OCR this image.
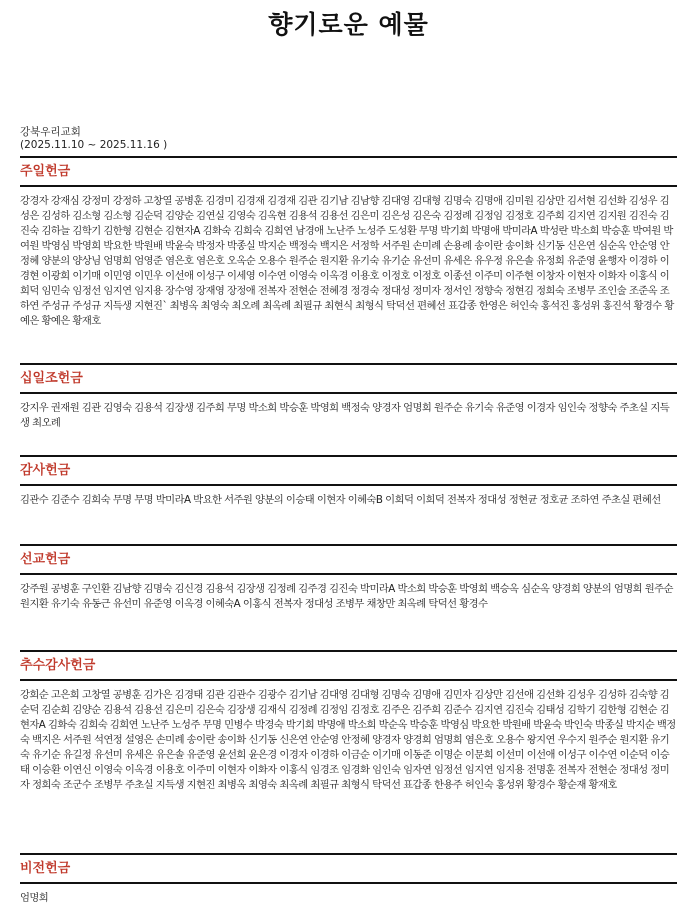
향기로운 예물
강북우리교회
(2025.11.10 ~ 2025.11.16 )
주일헌금
강경자 강재심 강정미 강정하 고창열 공병훈 김경미 김경재 김경재 김관 김기남 김남향 김대영 김대형 김명숙 김명애 김미원 김상만 김서현 김선화 김성우 김성은 김성하 김소형 김소형 김순덕 김양순 김연실 김영숙 김옥현 김용석 김용선 김은미 김은성 김은숙 김정례 김정임 김정호 김주희 김지연 김지원 김진숙 김진숙 김하늘 김학기 김한형 김현순 김현자A 김화숙 김희숙 김희연 남경애 노난주 노성주 도성환 무명 박기희 박명애 박미라A 박성란 박소희 박승훈 박여원 박여원 박영심 박영희 박요한 박원배 박윤숙 박정자 박종실 박지순 백정숙 백지은 서정학 서주원 손미례 손용례 송이란 송이화 신기동 신은연 심순옥 안순영 안정혜 양분의 양상님 엄명희 엄영준 염은호 염은호 오옥순 오용수 원주순 원지환 유기숙 유기순 유선미 유세은 유우정 유은솔 유정희 유준영 윤행자 이경하 이경현 이광희 이기매 이민영 이민우 이선애 이성구 이세영 이수연 이영숙 이옥경 이용호 이정호 이정호 이종선 이주미 이주현 이창자 이현자 이화자 이홍식 이희덕 임민숙 임정선 임지연 임지용 장수영 장재영 장정애 전복자 전현순 전혜경 정경숙 정대성 정미자 정서인 정향숙 정현김 정희숙 조병무 조인술 조준옥 조하연 주성규 주성규 지득생 지현진` 최병옥 최영숙 최오례 최옥례 최필규 최현식 최형식 탁덕선 편혜선 표갑종 한영은 허인숙 홍석진 홍성위 홍진석 황경수 황예은 황예은 황재호
십일조헌금
강지우 권재원 김관 김영숙 김용석 김장생 김주희 무명 박소희 박승훈 박영희 백정숙 양경자 엄명희 원주순 유기숙 유준영 이경자 임인숙 정향숙 주초실 지득생 최오례
감사헌금
김관수 김준수 김희숙 무명 무명 박미라A 박요한 서주원 양분의 이승태 이현자 이혜숙B 이희덕 이희덕 전복자 정대성 정현균 정호균 조하연 주초실 편혜선
선교헌금
강주원 공병훈 구인환 김남향 김명숙 김신경 김용석 김장생 김정례 김주경 김진숙 박미라A 박소희 박승훈 박영희 백승옥 심순옥 양경희 양분의 엄명희 원주순 원지환 유기숙 유동근 유선미 유준영 이옥경 이혜숙A 이홍식 전복자 정대성 조병무 채창만 최옥례 탁덕선 황경수
추수감사헌금
강희순 고은희 고창열 공병훈 김가은 김경태 김관 김관수 김광수 김기남 김대영 김대형 김명숙 김명애 김민자 김상만 김선애 김선화 김성우 김성하 김숙향 김순덕 김순희 김양순 김용석 김용선 김은미 김은숙 김장생 김재식 김정례 김정임 김정호 김주은 김주희 김준수 김지연 김진숙 김태성 김학기 김한형 김현순 김현자A 김화숙 김희숙 김희연 노난주 노성주 무명 민병수 박경숙 박기희 박명애 박소희 박순옥 박승훈 박영심 박요한 박원배 박윤숙 박인숙 박종실 박지순 백정숙 백지은 서주원 석연정 설영은 손미례 송이란 송이화 신기동 신은연 안순영 안정혜 양경자 양경희 엄명희 염은호 오용수 왕지연 우수지 원주순 원지환 유기숙 유기순 유길정 유선미 유세은 유은솔 유준영 윤선희 윤은경 이경자 이경하 이금순 이기매 이동준 이명순 이문희 이선미 이선애 이성구 이수연 이순덕 이승태 이승환 이연신 이영숙 이옥경 이용호 이주미 이현자 이화자 이홍식 임경조 임경화 임인숙 임자연 임정선 임지연 임지용 전명훈 전복자 전현순 정대성 정미자 정희숙 조군수 조병무 주초실 지득생 지현진 최병옥 최영숙 최옥례 최필규 최형식 탁덕선 표갑종 한용주 허인숙 홍성위 황경수 황순재 황재호
비전헌금
엄명희
